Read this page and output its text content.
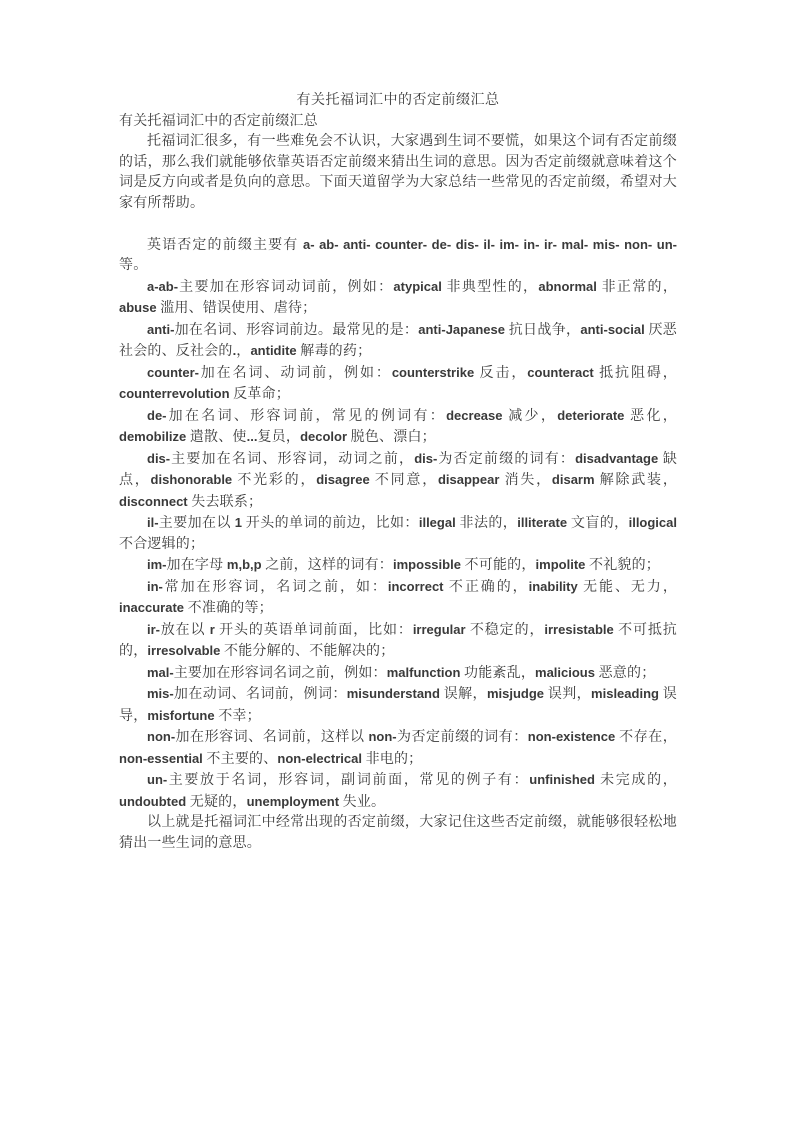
有关托福词汇中的否定前缀汇总

有关托福词汇中的否定前缀汇总

托福词汇很多，有一些难免会不认识，大家遇到生词不要慌，如果这个词有否定前缀的话，那么我们就能够依靠英语否定前缀来猜出生词的意思。因为否定前缀就意味着这个词是反方向或者是负向的意思。下面天道留学为大家总结一些常见的否定前缀，希望对大家有所帮助。

英语否定的前缀主要有 a- ab- anti- counter- de- dis- il- im- in- ir- mal- mis- non- un- 等。

a-ab-主要加在形容词动词前，例如：atypical 非典型性的，abnormal 非正常的，abuse 滥用、错误使用、虐待；

anti-加在名词、形容词前边。最常见的是：anti-Japanese 抗日战争，anti-social 厌恶社会的、反社会的.，antidite 解毒的药；

counter-加在名词、动词前，例如：counterstrike 反击，counteract 抵抗阻碍，counterrevolution 反革命；

de-加在名词、形容词前，常见的例词有：decrease 减少，deteriorate 恶化，demobilize 遣散、使...复员，decolor 脱色、漂白；

dis-主要加在名词、形容词，动词之前，dis-为否定前缀的词有：disadvantage 缺点，dishonorable 不光彩的，disagree 不同意，disappear 消失，disarm 解除武装，disconnect 失去联系；

il-主要加在以 1 开头的单词的前边，比如：illegal 非法的，illiterate 文盲的，illogical 不合逻辑的；

im-加在字母 m,b,p 之前，这样的词有：impossible 不可能的，impolite 不礼貌的；

in-常加在形容词，名词之前，如：incorrect 不正确的，inability 无能、无力，inaccurate 不准确的等；

ir-放在以 r 开头的英语单词前面，比如：irregular 不稳定的，irresistable 不可抵抗的，irresolvable 不能分解的、不能解决的；

mal-主要加在形容词名词之前，例如：malfunction 功能紊乱，malicious 恶意的；

mis-加在动词、名词前，例词：misunderstand 误解，misjudge 误判，misleading 误导，misfortune 不幸；

non-加在形容词、名词前，这样以 non-为否定前缀的词有：non-existence 不存在，non-essential 不主要的、non-electrical 非电的；

un-主要放于名词，形容词，副词前面，常见的例子有：unfinished 未完成的，undoubted 无疑的，unemployment 失业。

以上就是托福词汇中经常出现的否定前缀，大家记住这些否定前缀，就能够很轻松地猜出一些生词的意思。
